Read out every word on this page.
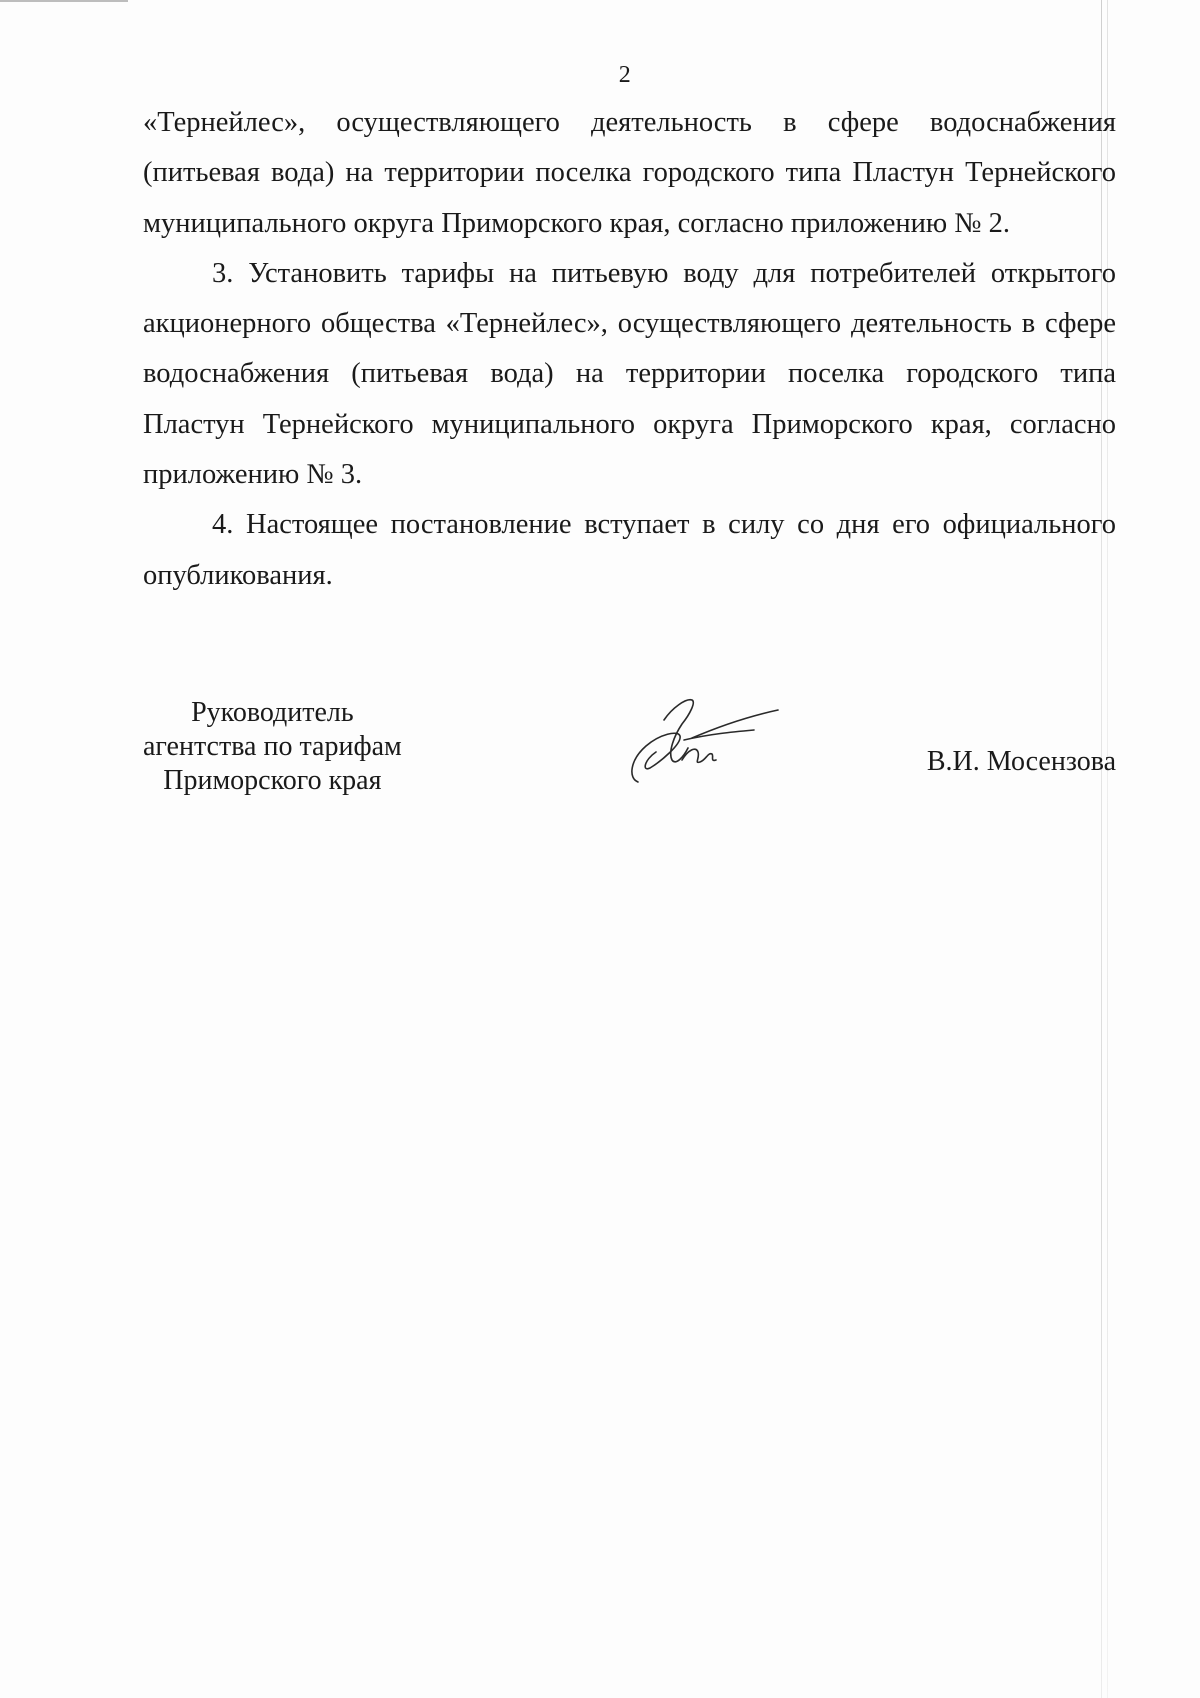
2

«Тернейлес», осуществляющего деятельность в сфере водоснабжения (питьевая вода) на территории поселка городского типа Пластун Тернейского муниципального округа Приморского края, согласно приложению № 2.

3. Установить тарифы на питьевую воду для потребителей открытого акционерного общества «Тернейлес», осуществляющего деятельность в сфере водоснабжения (питьевая вода) на территории поселка городского типа Пластун Тернейского муниципального округа Приморского края, согласно приложению № 3.

4. Настоящее постановление вступает в силу со дня его официального опубликования.

Руководитель
агентства по тарифам
Приморского края
В.И. Мосензова
